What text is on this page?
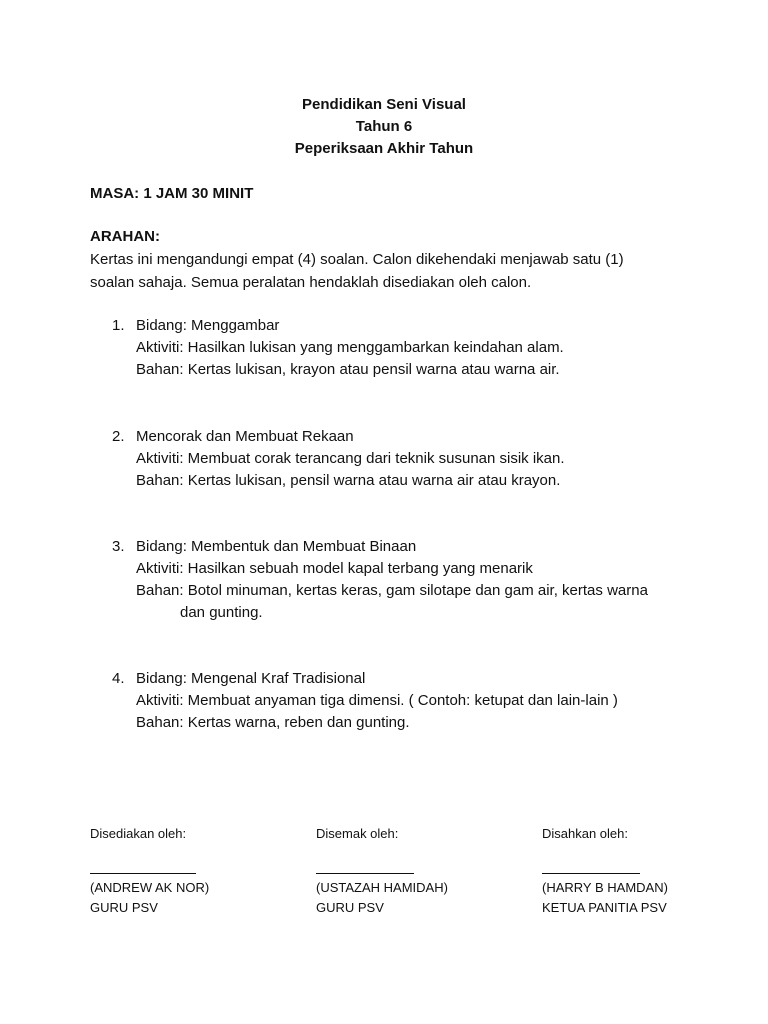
Pendidikan Seni Visual
Tahun 6
Peperiksaan Akhir Tahun
MASA: 1 JAM 30 MINIT
ARAHAN:
Kertas ini mengandungi empat (4) soalan. Calon dikehendaki menjawab satu (1)
soalan sahaja. Semua peralatan hendaklah disediakan oleh calon.
1. Bidang: Menggambar
Aktiviti: Hasilkan lukisan yang menggambarkan keindahan alam.
Bahan: Kertas lukisan, krayon atau pensil warna atau warna air.
2. Mencorak dan Membuat Rekaan
Aktiviti: Membuat corak terancang dari teknik susunan sisik ikan.
Bahan: Kertas lukisan, pensil warna atau warna air atau krayon.
3. Bidang: Membentuk dan Membuat Binaan
Aktiviti: Hasilkan sebuah model kapal terbang yang menarik
Bahan: Botol minuman, kertas keras, gam silotape dan gam air, kertas warna
dan gunting.
4. Bidang: Mengenal Kraf Tradisional
Aktiviti: Membuat anyaman tiga dimensi. ( Contoh: ketupat dan lain-lain )
Bahan: Kertas warna, reben dan gunting.
Disediakan oleh:
(ANDREW AK NOR)
GURU PSV
Disemak oleh:
(USTAZAH HAMIDAH)
GURU PSV
Disahkan oleh:
(HARRY B HAMDAN)
KETUA PANITIA PSV
